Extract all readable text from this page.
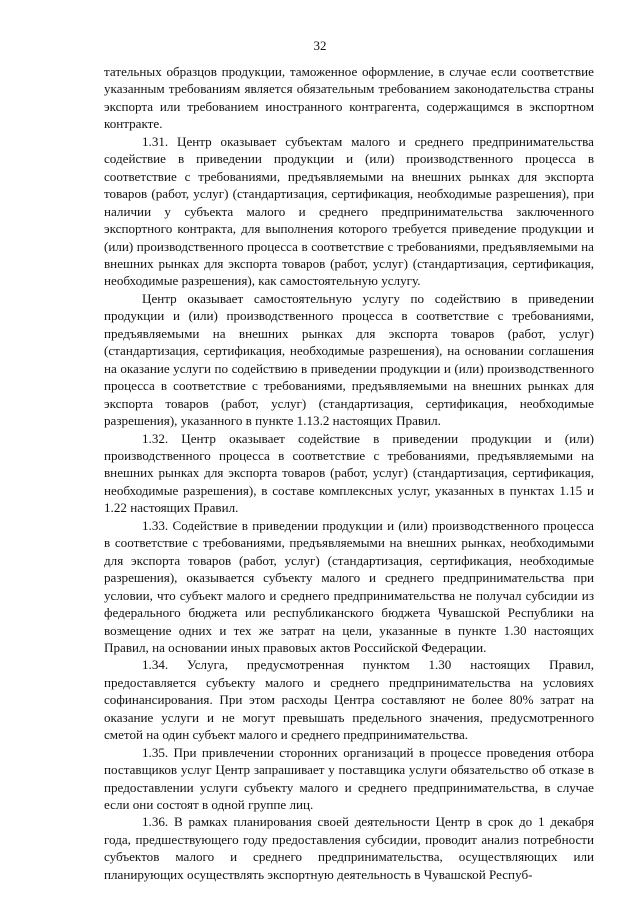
32

тательных образцов продукции, таможенное оформление, в случае если соответствие указанным требованиям является обязательным требованием законодательства страны экспорта или требованием иностранного контрагента, содержащимся в экспортном контракте.

1.31. Центр оказывает субъектам малого и среднего предпринимательства содействие в приведении продукции и (или) производственного процесса в соответствие с требованиями, предъявляемыми на внешних рынках для экспорта товаров (работ, услуг) (стандартизация, сертификация, необходимые разрешения), при наличии у субъекта малого и среднего предпринимательства заключенного экспортного контракта, для выполнения которого требуется приведение продукции и (или) производственного процесса в соответствие с требованиями, предъявляемыми на внешних рынках для экспорта товаров (работ, услуг) (стандартизация, сертификация, необходимые разрешения), как самостоятельную услугу.

Центр оказывает самостоятельную услугу по содействию в приведении продукции и (или) производственного процесса в соответствие с требованиями, предъявляемыми на внешних рынках для экспорта товаров (работ, услуг) (стандартизация, сертификация, необходимые разрешения), на основании соглашения на оказание услуги по содействию в приведении продукции и (или) производственного процесса в соответствие с требованиями, предъявляемыми на внешних рынках для экспорта товаров (работ, услуг) (стандартизация, сертификация, необходимые разрешения), указанного в пункте 1.13.2 настоящих Правил.

1.32. Центр оказывает содействие в приведении продукции и (или) производственного процесса в соответствие с требованиями, предъявляемыми на внешних рынках для экспорта товаров (работ, услуг) (стандартизация, сертификация, необходимые разрешения), в составе комплексных услуг, указанных в пунктах 1.15 и 1.22 настоящих Правил.

1.33. Содействие в приведении продукции и (или) производственного процесса в соответствие с требованиями, предъявляемыми на внешних рынках, необходимыми для экспорта товаров (работ, услуг) (стандартизация, сертификация, необходимые разрешения), оказывается субъекту малого и среднего предпринимательства при условии, что субъект малого и среднего предпринимательства не получал субсидии из федерального бюджета или республиканского бюджета Чувашской Республики на возмещение одних и тех же затрат на цели, указанные в пункте 1.30 настоящих Правил, на основании иных правовых актов Российской Федерации.

1.34. Услуга, предусмотренная пунктом 1.30 настоящих Правил, предоставляется субъекту малого и среднего предпринимательства на условиях софинансирования. При этом расходы Центра составляют не более 80% затрат на оказание услуги и не могут превышать предельного значения, предусмотренного сметой на один субъект малого и среднего предпринимательства.

1.35. При привлечении сторонних организаций в процессе проведения отбора поставщиков услуг Центр запрашивает у поставщика услуги обязательство об отказе в предоставлении услуги субъекту малого и среднего предпринимательства, в случае если они состоят в одной группе лиц.

1.36. В рамках планирования своей деятельности Центр в срок до 1 декабря года, предшествующего году предоставления субсидии, проводит анализ потребности субъектов малого и среднего предпринимательства, осуществляющих или планирующих осуществлять экспортную деятельность в Чувашской Респуб-
